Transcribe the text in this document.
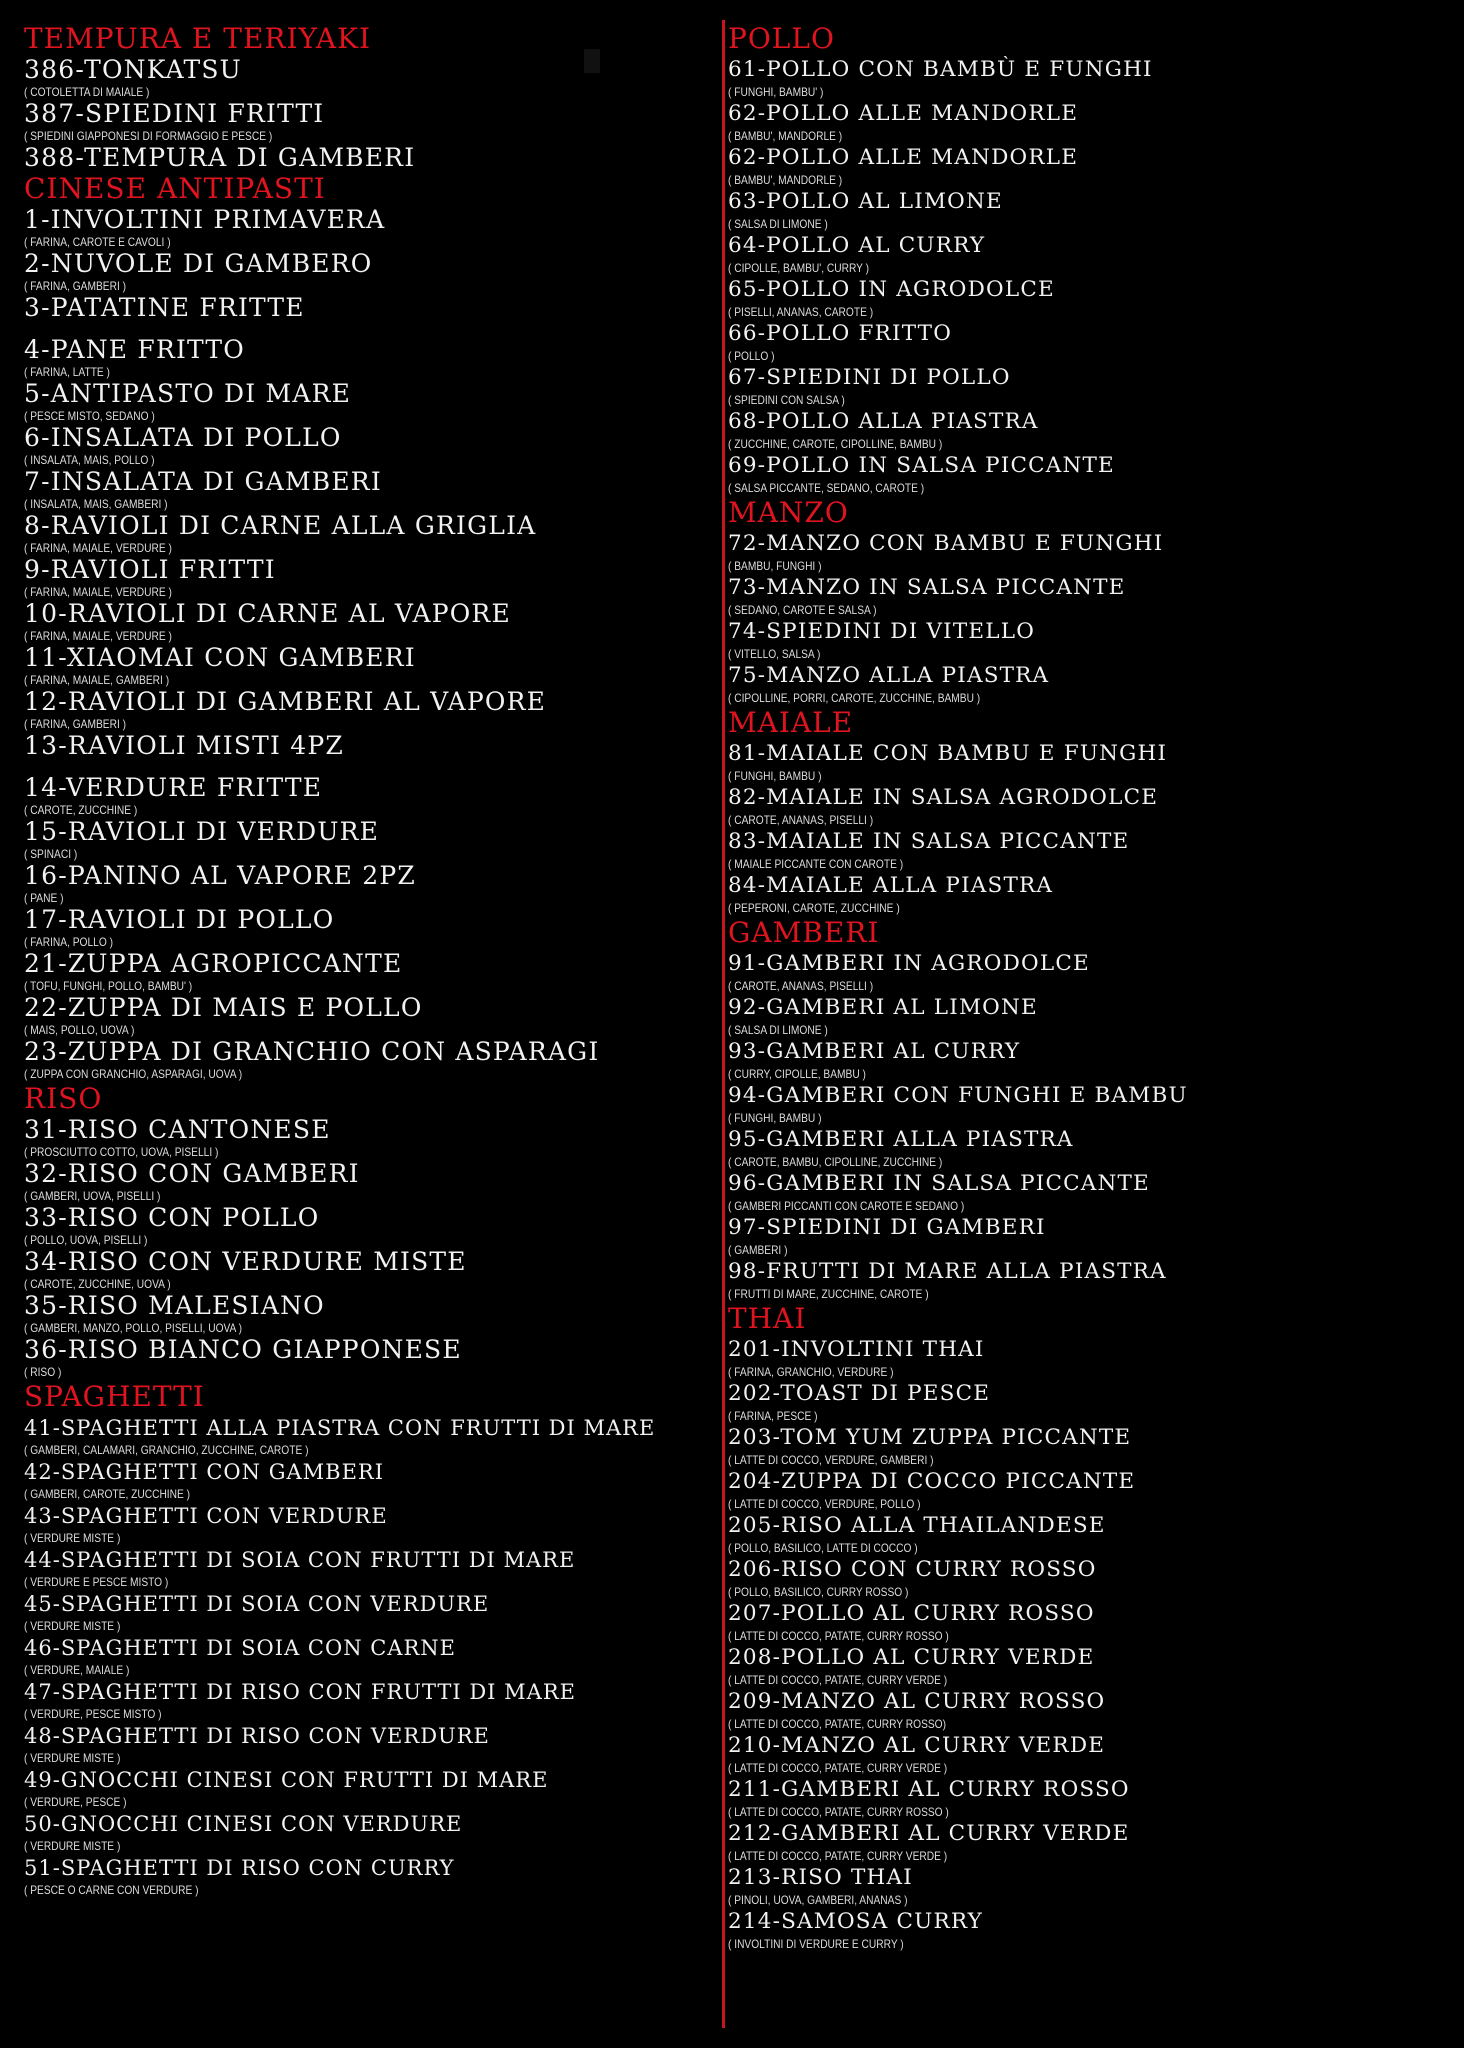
TEMPURA E TERIYAKI
386-TONKATSU
( COTOLETTA DI MAIALE )
387-SPIEDINI FRITTI
( SPIEDINI GIAPPONESI DI FORMAGGIO E PESCE )
388-TEMPURA DI GAMBERI
CINESE ANTIPASTI
1-INVOLTINI PRIMAVERA
( FARINA, CAROTE E CAVOLI )
2-NUVOLE DI GAMBERO
( FARINA, GAMBERI )
3-PATATINE FRITTE
4-PANE FRITTO
( FARINA, LATTE )
5-ANTIPASTO DI MARE
( PESCE MISTO, SEDANO )
6-INSALATA DI POLLO
( INSALATA, MAIS, POLLO )
7-INSALATA DI GAMBERI
( INSALATA, MAIS, GAMBERI )
8-RAVIOLI DI CARNE ALLA GRIGLIA
( FARINA, MAIALE, VERDURE )
9-RAVIOLI FRITTI
( FARINA, MAIALE, VERDURE )
10-RAVIOLI DI CARNE AL VAPORE
( FARINA, MAIALE, VERDURE )
11-XIAOMAI CON GAMBERI
( FARINA, MAIALE, GAMBERI )
12-RAVIOLI DI GAMBERI AL VAPORE
( FARINA, GAMBERI )
13-RAVIOLI MISTI 4PZ
14-VERDURE FRITTE
( CAROTE, ZUCCHINE )
15-RAVIOLI DI VERDURE
( SPINACI )
16-PANINO AL VAPORE 2PZ
( PANE )
17-RAVIOLI DI POLLO
( FARINA, POLLO )
21-ZUPPA AGROPICCANTE
( TOFU, FUNGHI, POLLO, BAMBU' )
22-ZUPPA DI MAIS E POLLO
( MAIS, POLLO, UOVA )
23-ZUPPA DI GRANCHIO CON ASPARAGI
( ZUPPA CON GRANCHIO, ASPARAGI, UOVA )
RISO
31-RISO CANTONESE
( PROSCIUTTO COTTO, UOVA, PISELLI )
32-RISO CON GAMBERI
( GAMBERI, UOVA, PISELLI )
33-RISO CON POLLO
( POLLO, UOVA, PISELLI )
34-RISO CON VERDURE MISTE
( CAROTE, ZUCCHINE, UOVA )
35-RISO MALESIANO
( GAMBERI, MANZO, POLLO, PISELLI, UOVA )
36-RISO BIANCO GIAPPONESE
( RISO )
SPAGHETTI
41-SPAGHETTI ALLA PIASTRA CON FRUTTI DI MARE
( GAMBERI, CALAMARI, GRANCHIO, ZUCCHINE, CAROTE )
42-SPAGHETTI CON GAMBERI
( GAMBERI, CAROTE, ZUCCHINE )
43-SPAGHETTI CON VERDURE
( VERDURE MISTE )
44-SPAGHETTI DI SOIA CON FRUTTI DI MARE
( VERDURE E PESCE MISTO )
45-SPAGHETTI DI SOIA CON VERDURE
( VERDURE MISTE )
46-SPAGHETTI DI SOIA CON CARNE
( VERDURE, MAIALE )
47-SPAGHETTI DI RISO CON FRUTTI DI MARE
( VERDURE, PESCE MISTO )
48-SPAGHETTI DI RISO CON VERDURE
( VERDURE MISTE )
49-GNOCCHI CINESI CON FRUTTI DI MARE
( VERDURE, PESCE )
50-GNOCCHI CINESI CON VERDURE
( VERDURE MISTE )
51-SPAGHETTI DI RISO CON CURRY
( PESCE O CARNE CON VERDURE )
POLLO
61-POLLO CON BAMBÙ E FUNGHI
( FUNGHI, BAMBU' )
62-POLLO ALLE MANDORLE
( BAMBU', MANDORLE )
62-POLLO ALLE MANDORLE
( BAMBU', MANDORLE )
63-POLLO AL LIMONE
( SALSA DI LIMONE )
64-POLLO AL CURRY
( CIPOLLE, BAMBU', CURRY )
65-POLLO IN AGRODOLCE
( PISELLI, ANANAS, CAROTE )
66-POLLO FRITTO
( POLLO )
67-SPIEDINI DI POLLO
( SPIEDINI CON SALSA )
68-POLLO ALLA PIASTRA
( ZUCCHINE, CAROTE, CIPOLLINE, BAMBU )
69-POLLO IN SALSA PICCANTE
( SALSA PICCANTE, SEDANO, CAROTE )
MANZO
72-MANZO CON BAMBU E FUNGHI
( BAMBU, FUNGHI )
73-MANZO IN SALSA PICCANTE
( SEDANO, CAROTE E SALSA )
74-SPIEDINI DI VITELLO
( VITELLO, SALSA )
75-MANZO ALLA PIASTRA
( CIPOLLINE, PORRI, CAROTE, ZUCCHINE, BAMBU )
MAIALE
81-MAIALE CON BAMBU E FUNGHI
( FUNGHI, BAMBU )
82-MAIALE IN SALSA AGRODOLCE
( CAROTE, ANANAS, PISELLI )
83-MAIALE IN SALSA PICCANTE
( MAIALE PICCANTE CON CAROTE )
84-MAIALE ALLA PIASTRA
( PEPERONI, CAROTE, ZUCCHINE )
GAMBERI
91-GAMBERI IN AGRODOLCE
( CAROTE, ANANAS, PISELLI )
92-GAMBERI AL LIMONE
( SALSA DI LIMONE )
93-GAMBERI AL CURRY
( CURRY, CIPOLLE, BAMBU )
94-GAMBERI CON FUNGHI E BAMBU
( FUNGHI, BAMBU )
95-GAMBERI ALLA PIASTRA
( CAROTE, BAMBU, CIPOLLINE, ZUCCHINE )
96-GAMBERI IN SALSA PICCANTE
( GAMBERI PICCANTI CON CAROTE E SEDANO )
97-SPIEDINI DI GAMBERI
( GAMBERI )
98-FRUTTI DI MARE ALLA PIASTRA
( FRUTTI DI MARE, ZUCCHINE, CAROTE )
THAI
201-INVOLTINI THAI
( FARINA, GRANCHIO, VERDURE )
202-TOAST DI PESCE
( FARINA, PESCE )
203-TOM YUM ZUPPA PICCANTE
( LATTE DI COCCO, VERDURE, GAMBERI )
204-ZUPPA DI COCCO PICCANTE
( LATTE DI COCCO, VERDURE, POLLO )
205-RISO ALLA THAILANDESE
( POLLO, BASILICO, LATTE DI COCCO )
206-RISO CON CURRY ROSSO
( POLLO, BASILICO, CURRY ROSSO )
207-POLLO AL CURRY ROSSO
( LATTE DI COCCO, PATATE, CURRY ROSSO )
208-POLLO AL CURRY VERDE
( LATTE DI COCCO, PATATE, CURRY VERDE )
209-MANZO AL CURRY ROSSO
( LATTE DI COCCO, PATATE, CURRY ROSSO)
210-MANZO AL CURRY VERDE
( LATTE DI COCCO, PATATE, CURRY VERDE )
211-GAMBERI AL CURRY ROSSO
( LATTE DI COCCO, PATATE, CURRY ROSSO )
212-GAMBERI AL CURRY VERDE
( LATTE DI COCCO, PATATE, CURRY VERDE )
213-RISO THAI
( PINOLI, UOVA, GAMBERI, ANANAS )
214-SAMOSA CURRY
( INVOLTINI DI VERDURE E CURRY )
